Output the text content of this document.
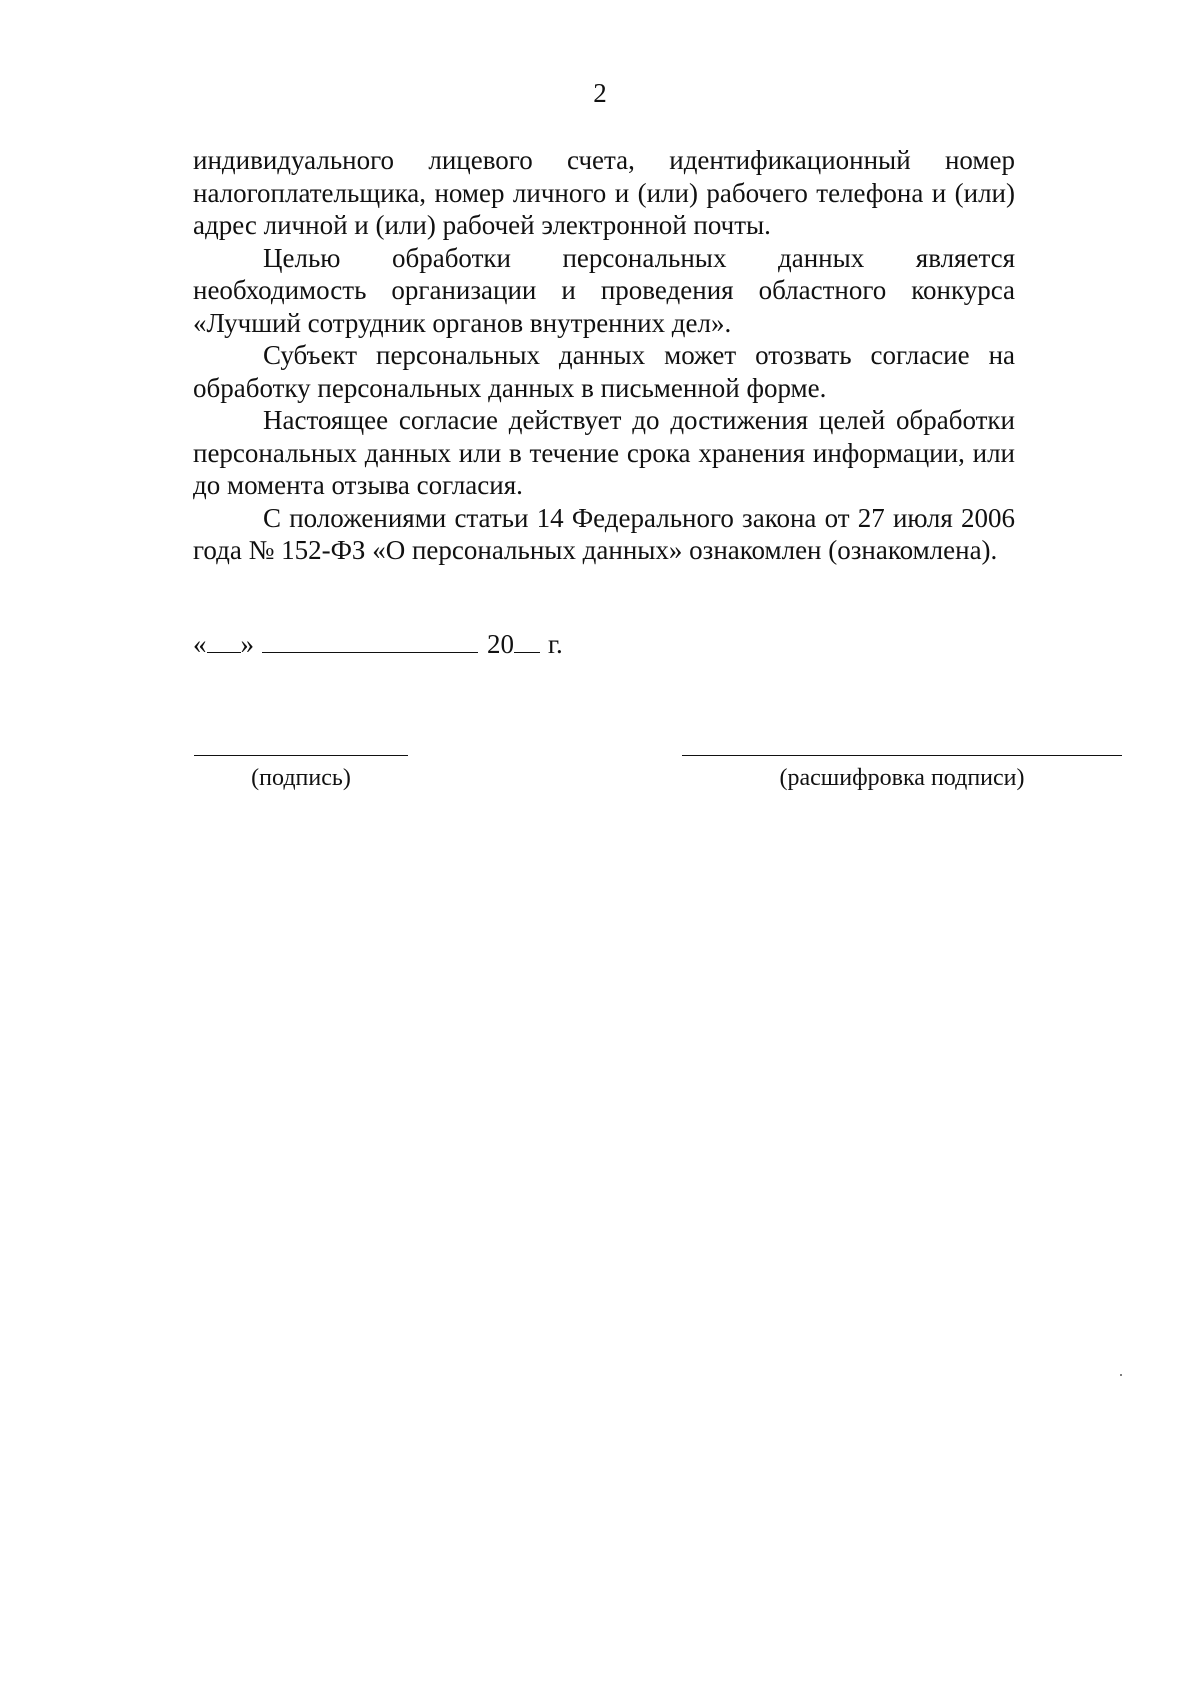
2

индивидуального лицевого счета, идентификационный номер налогоплательщика, номер личного и (или) рабочего телефона и (или) адрес личной и (или) рабочей электронной почты.

Целью обработки персональных данных является необходимость организации и проведения областного конкурса «Лучший сотрудник органов внутренних дел».

Субъект персональных данных может отозвать согласие на обработку персональных данных в письменной форме.

Настоящее согласие действует до достижения целей обработки персональных данных или в течение срока хранения информации, или до момента отзыва согласия.

С положениями статьи 14 Федерального закона от 27 июля 2006 года № 152-ФЗ «О персональных данных» ознакомлен (ознакомлена).

« »	20 г.
(подпись)	(расшифровка подписи)
